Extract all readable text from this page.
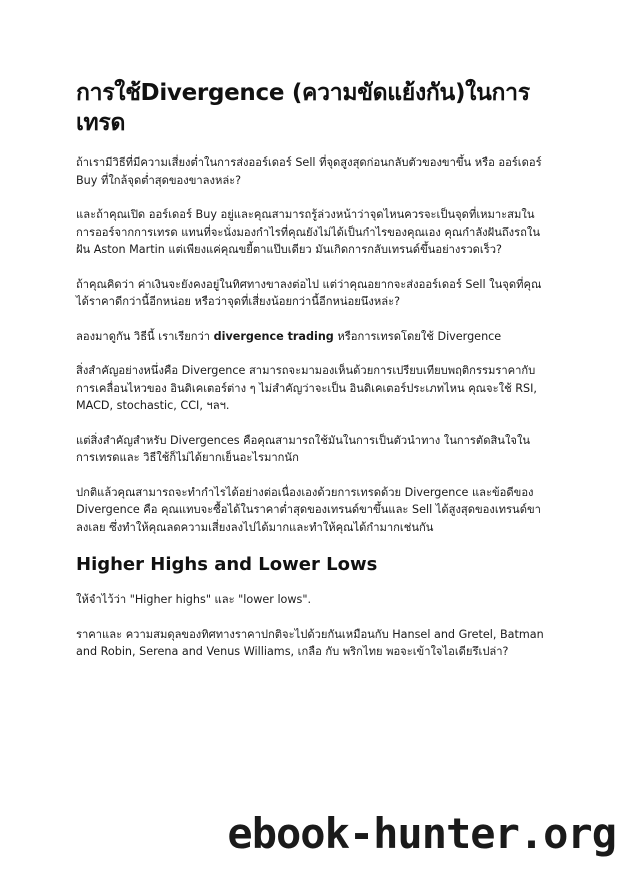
การใช้Divergence (ความขัดแย้งกัน)ในการเทรด

ถ้าเรามีวิธีที่มีความเสี่ยงต่ำในการส่งออร์เดอร์ Sell ที่จุดสูงสุดก่อนกลับตัวของขาขึ้น หรือ ออร์เดอร์ Buy ที่ใกล้จุดต่ำสุดของขาลงหล่ะ?

และถ้าคุณเปิด ออร์เดอร์ Buy อยู่และคุณสามารถรู้ล่วงหน้าว่าจุดไหนควรจะเป็นจุดที่เหมาะสมในการออร์จากการเทรด แทนที่จะนั่งมองกำไรที่คุณยังไม่ได้เป็นกำไรของคุณเอง คุณกำลังฝันถึงรถในฝัน Aston Martin แต่เพียงแค่คุณขยี้ตาแป๊บเดียว มันเกิดการกลับเทรนด์ขึ้นอย่างรวดเร็ว?

ถ้าคุณคิดว่า ค่าเงินจะยังคงอยู่ในทิศทางขาลงต่อไป แต่ว่าคุณอยากจะส่งออร์เดอร์ Sell ในจุดที่คุณได้ราคาดีกว่านี้อีกหน่อย หรือว่าจุดที่เสี่ยงน้อยกว่านี้อีกหน่อยนึงหล่ะ?

ลองมาดูกัน วิธีนี้ เราเรียกว่า divergence trading หรือการเทรดโดยใช้ Divergence

สิ่งสำคัญอย่างหนึ่งคือ Divergence สามารถจะมามองเห็นด้วยการเปรียบเทียบพฤติกรรมราคากับ การเคลื่อนไหวของ อินดิเคเตอร์ต่าง ๆ ไม่สำคัญว่าจะเป็น อินดิเคเตอร์ประเภทไหน คุณจะใช้ RSI, MACD, stochastic, CCI, ฯลฯ.

แต่สิ่งสำคัญสำหรับ Divergences คือคุณสามารถใช้มันในการเป็นตัวนำทาง ในการตัดสินใจในการเทรดและ วิธีใช้ก็ไม่ได้ยากเย็นอะไรมากนัก

ปกติแล้วคุณสามารถจะทำกำไรได้อย่างต่อเนื่องเองด้วยการเทรดด้วย Divergence และข้อดีของ Divergence คือ คุณแทบจะซื้อได้ในราคาต่ำสุดของเทรนด์ขาขึ้นและ Sell ได้สูงสุดของเทรนด์ขาลงเลย ซึ่งทำให้คุณลดความเสี่ยงลงไปได้มากและทำให้คุณได้กำมากเช่นกัน

Higher Highs and Lower Lows

ให้จำไว้ว่า "Higher highs" และ "lower lows".

ราคาและ ความสมดุลของทิศทางราคาปกติจะไปด้วยกันเหมือนกับ Hansel and Gretel, Batman and Robin, Serena and Venus Williams, เกลือ กับ พริกไทย พอจะเข้าใจไอเดียรึเปล่า?

ebook-hunter.org
